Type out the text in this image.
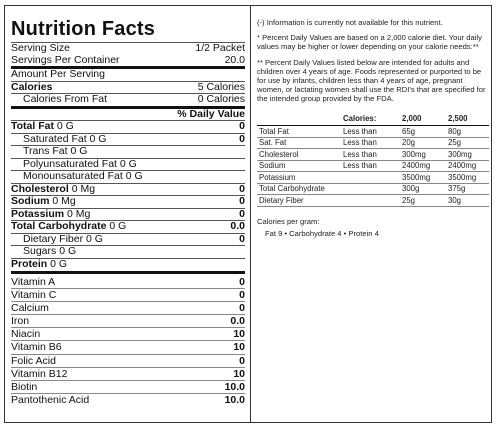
Nutrition Facts
Serving Size	1/2 Packet
Servings Per Container	20.0
Amount Per Serving
Calories	5 Calories
Calories From Fat	0 Calories
% Daily Value
Total Fat 0 G	0
Saturated Fat 0 G	0
Trans Fat 0 G
Polyunsaturated Fat 0 G
Monounsaturated Fat 0 G
Cholesterol 0 Mg	0
Sodium 0 Mg	0
Potassium 0 Mg	0
Total Carbohydrate 0 G	0.0
Dietary Fiber 0 G	0
Sugars 0 G
Protein 0 G
Vitamin A	0
Vitamin C	0
Calcium	0
Iron	0.0
Niacin	10
Vitamin B6	10
Folic Acid	0
Vitamin B12	10
Biotin	10.0
Pantothenic Acid	10.0

(-) Information is currently not available for this nutrient.

* Percent Daily Values are based on a 2,000 calorie diet. Your daily values may be higher or lower depending on your calorie needs:**

** Percent Daily Values listed below are intended for adults and children over 4 years of age. Foods represented or purported to be for use by infants, children less than 4 years of age, pregnant women, or lactating women shall use the RDI's that are specified for the intended group provided by the FDA.

	Calories:	2,000	2,500
Total Fat	Less than	65g	80g
Sat. Fat	Less than	20g	25g
Cholesterol	Less than	300mg	300mg
Sodium	Less than	2400mg	2400mg
Potassium		3500mg	3500mg
Total Carbohydrate		300g	375g
Dietary Fiber		25g	30g
Calories per gram:
Fat 9 • Carbohydrate 4 • Protein 4
